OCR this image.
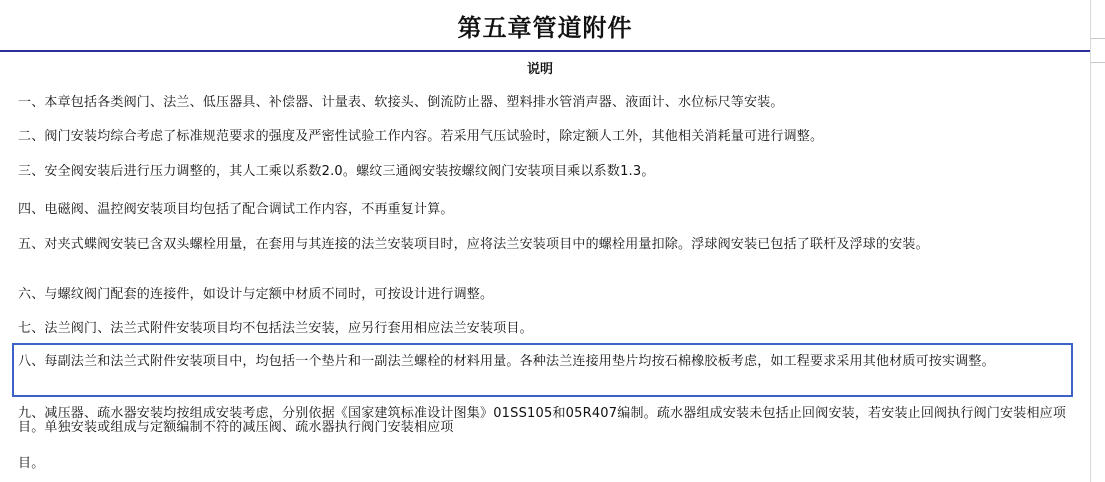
第五章管道附件
说明
一、本章包括各类阀门、法兰、低压器具、补偿器、计量表、软接头、倒流防止器、塑料排水管消声器、液面计、水位标尺等安装。
二、阀门安装均综合考虑了标准规范要求的强度及严密性试验工作内容。若采用气压试验时，除定额人工外，其他相关消耗量可进行调整。
三、安全阀安装后进行压力调整的，其人工乘以系数2.0。螺纹三通阀安装按螺纹阀门安装项目乘以系数1.3。
四、电磁阀、温控阀安装项目均包括了配合调试工作内容，不再重复计算。
五、对夹式蝶阀安装已含双头螺栓用量，在套用与其连接的法兰安装项目时，应将法兰安装项目中的螺栓用量扣除。浮球阀安装已包括了联杆及浮球的安装。
六、与螺纹阀门配套的连接件，如设计与定额中材质不同时，可按设计进行调整。
七、法兰阀门、法兰式附件安装项目均不包括法兰安装，应另行套用相应法兰安装项目。
八、每副法兰和法兰式附件安装项目中，均包括一个垫片和一副法兰螺栓的材料用量。各种法兰连接用垫片均按石棉橡胶板考虑，如工程要求采用其他材质可按实调整。
九、减压器、疏水器安装均按组成安装考虑，分别依据《国家建筑标准设计图集》01SS105和05R407编制。疏水器组成安装未包括止回阀安装，若安装止回阀执行阀门安装相应项目。单独安装或组成与定额编制不符的减压阀、疏水器执行阀门安装相应项
目。
